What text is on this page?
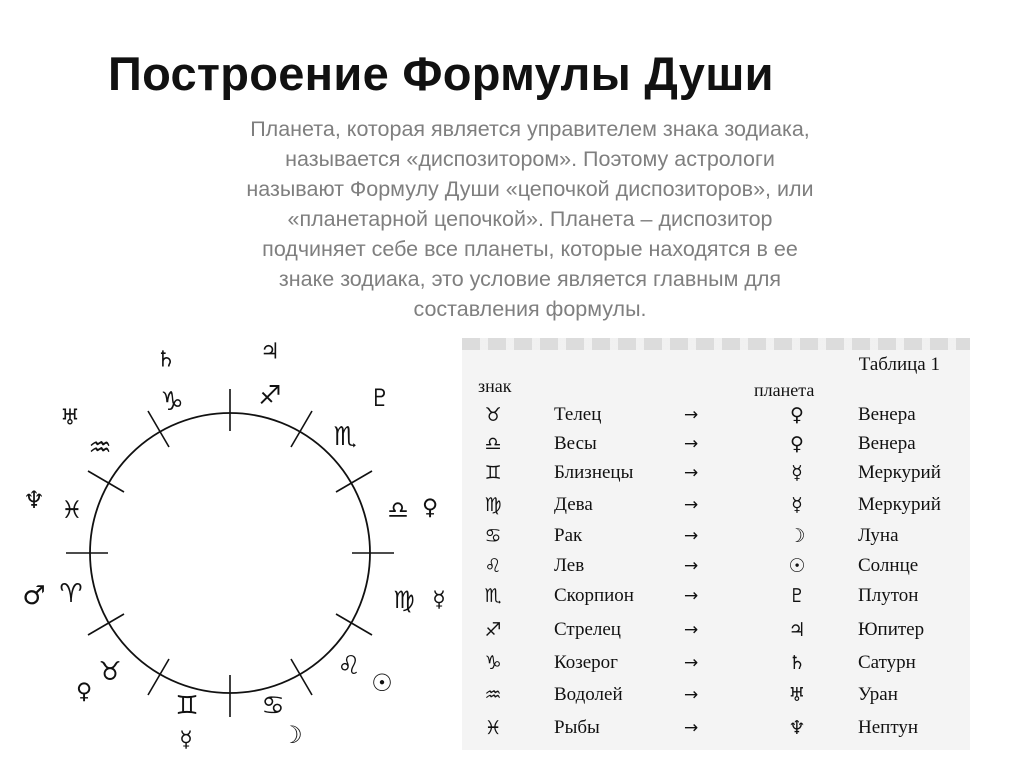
Построение Формулы Души
Планета, которая является управителем знака зодиака,
называется «диспозитором». Поэтому астрологи
называют Формулу Души «цепочкой диспозиторов», или
«планетарной цепочкой». Планета – диспозитор
подчиняет себе все планеты, которые находятся в ее
знаке зодиака, это условие является главным для
составления формулы.
♉
♑	♐
♏
♎
♍
♌
♋
♊
♈
♓
♒
♄	♃
♇
♀
☿
☉
☽
☿
♂
♆
♅
♀
Таблица 1
знак	планета
♉	Телец	→	♀	Венера
♎	Весы	→	♀	Венера
♊	Близнецы	→	☿	Меркурий
♍	Дева	→	☿	Меркурий
♋	Рак	→	☽	Луна
♌	Лев	→	☉	Солнце
♏	Скорпион	→	♇	Плутон
♐	Стрелец	→	♃	Юпитер
♑	Козерог	→	♄	Сатурн
♒	Водолей	→	♅	Уран
♓	Рыбы	→	♆	Нептун
